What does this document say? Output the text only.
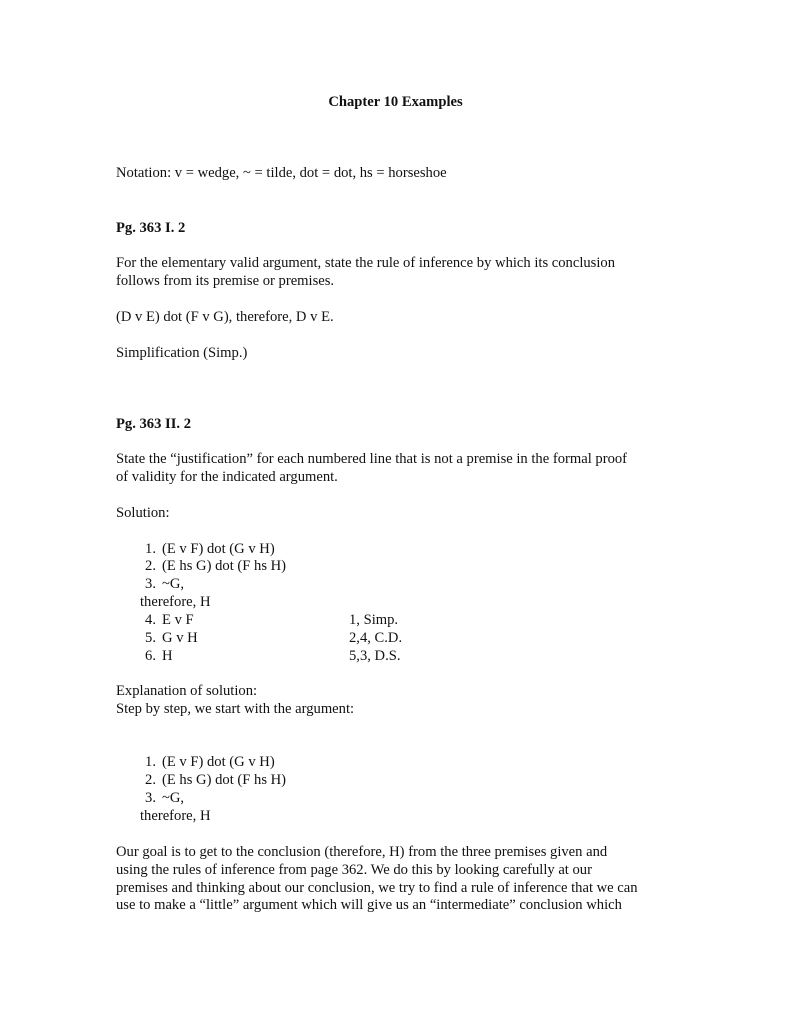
Chapter 10 Examples
Notation: v = wedge, ~ = tilde, dot = dot, hs = horseshoe
Pg. 363 I. 2
For the elementary valid argument, state the rule of inference by which its conclusion
follows from its premise or premises.
(D v E) dot (F v G), therefore, D v E.
Simplification (Simp.)
Pg. 363 II. 2
State the “justification” for each numbered line that is not a premise in the formal proof
of validity for the indicated argument.
Solution:
1. (E v F) dot (G v H)
2. (E hs G) dot (F hs H)
3. ~G,
therefore, H
4. E v F	1, Simp.
5. G v H	2,4, C.D.
6. H	5,3, D.S.
Explanation of solution:
Step by step, we start with the argument:
1. (E v F) dot (G v H)
2. (E hs G) dot (F hs H)
3. ~G,
therefore, H
Our goal is to get to the conclusion (therefore, H) from the three premises given and
using the rules of inference from page 362. We do this by looking carefully at our
premises and thinking about our conclusion, we try to find a rule of inference that we can
use to make a “little” argument which will give us an “intermediate” conclusion which
